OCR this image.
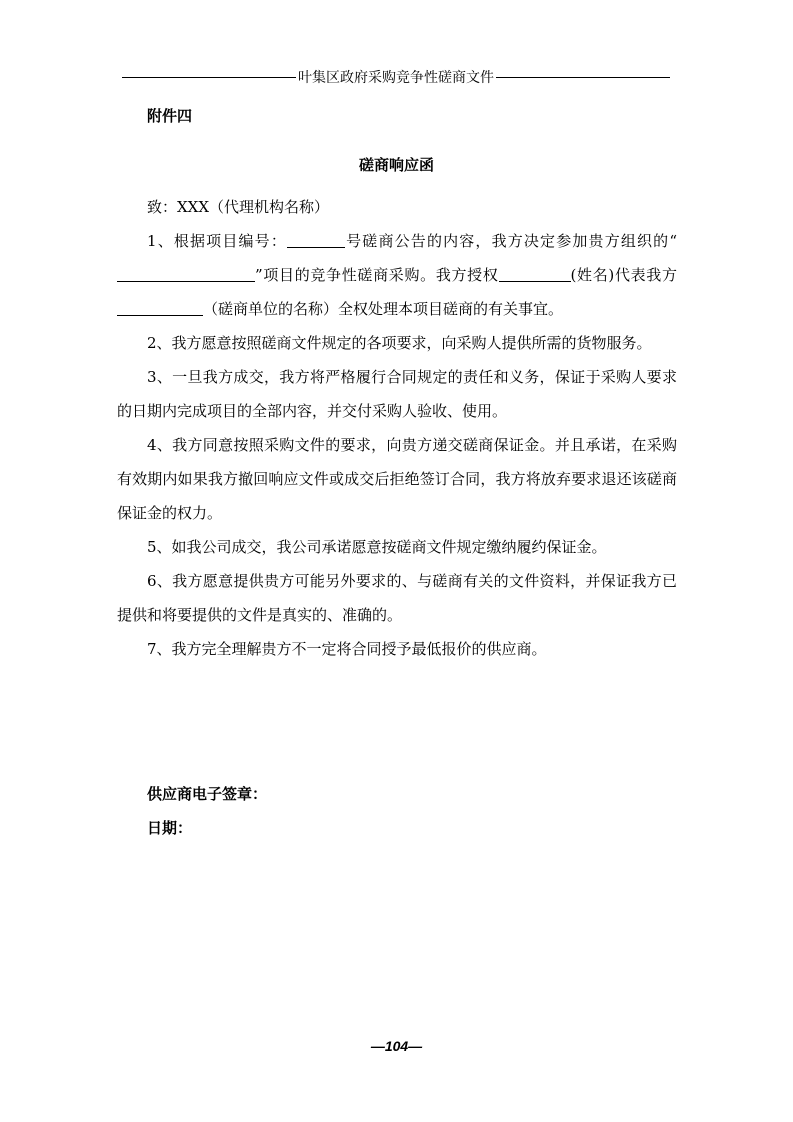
叶集区政府采购竞争性磋商文件
附件四
磋商响应函

致：XXX（代理机构名称）

1、根据项目编号：	号磋商公告的内容，我方决定参加贵方组织的“”项目的竞争性磋商采购。我方授权	(姓名)代表我方（磋商单位的名称）全权处理本项目磋商的有关事宜。

2、我方愿意按照磋商文件规定的各项要求，向采购人提供所需的货物服务。

3、一旦我方成交，我方将严格履行合同规定的责任和义务，保证于采购人要求的日期内完成项目的全部内容，并交付采购人验收、使用。

4、我方同意按照采购文件的要求，向贵方递交磋商保证金。并且承诺，在采购有效期内如果我方撤回响应文件或成交后拒绝签订合同，我方将放弃要求退还该磋商保证金的权力。

5、如我公司成交，我公司承诺愿意按磋商文件规定缴纳履约保证金。

6、我方愿意提供贵方可能另外要求的、与磋商有关的文件资料，并保证我方已提供和将要提供的文件是真实的、准确的。

7、我方完全理解贵方不一定将合同授予最低报价的供应商。

供应商电子签章：
日期：
—104—
